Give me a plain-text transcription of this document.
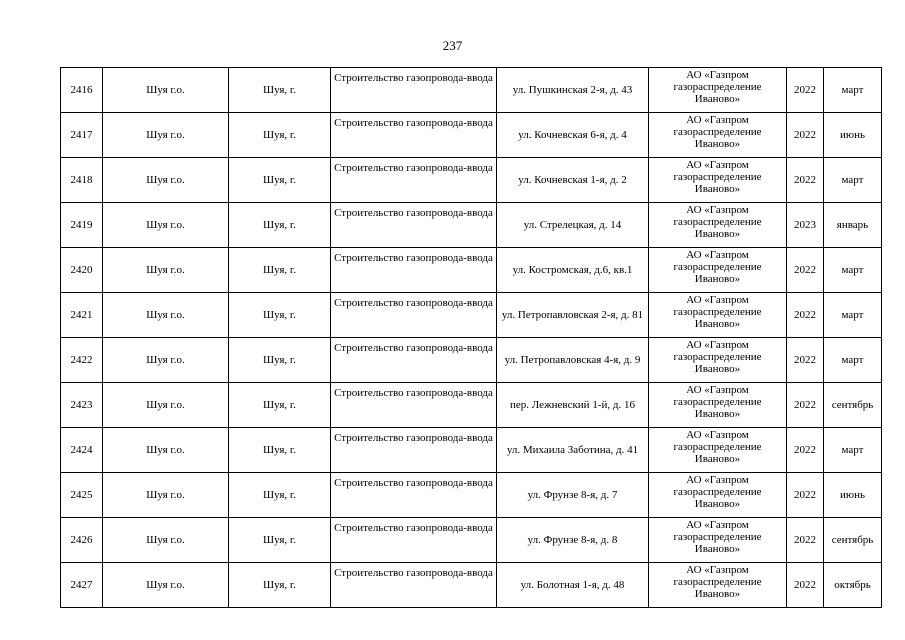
237
2416	Шуя г.о.	Шуя, г.	Строительство газопровода-ввода	ул. Пушкинская 2-я, д. 43	АО «Газпром газораспределение Иваново»	2022	март
2417	Шуя г.о.	Шуя, г.	Строительство газопровода-ввода	ул. Кочневская 6-я, д. 4	АО «Газпром газораспределение Иваново»	2022	июнь
2418	Шуя г.о.	Шуя, г.	Строительство газопровода-ввода	ул. Кочневская 1-я, д. 2	АО «Газпром газораспределение Иваново»	2022	март
2419	Шуя г.о.	Шуя, г.	Строительство газопровода-ввода	ул. Стрелецкая, д. 14	АО «Газпром газораспределение Иваново»	2023	январь
2420	Шуя г.о.	Шуя, г.	Строительство газопровода-ввода	ул. Костромская, д.6, кв.1	АО «Газпром газораспределение Иваново»	2022	март
2421	Шуя г.о.	Шуя, г.	Строительство газопровода-ввода	ул. Петропавловская 2-я, д. 81	АО «Газпром газораспределение Иваново»	2022	март
2422	Шуя г.о.	Шуя, г.	Строительство газопровода-ввода	ул. Петропавловская 4-я, д. 9	АО «Газпром газораспределение Иваново»	2022	март
2423	Шуя г.о.	Шуя, г.	Строительство газопровода-ввода	пер. Лежневский 1-й, д. 16	АО «Газпром газораспределение Иваново»	2022	сентябрь
2424	Шуя г.о.	Шуя, г.	Строительство газопровода-ввода	ул. Михаила Заботина, д. 41	АО «Газпром газораспределение Иваново»	2022	март
2425	Шуя г.о.	Шуя, г.	Строительство газопровода-ввода	ул. Фрунзе 8-я, д. 7	АО «Газпром газораспределение Иваново»	2022	июнь
2426	Шуя г.о.	Шуя, г.	Строительство газопровода-ввода	ул. Фрунзе 8-я, д. 8	АО «Газпром газораспределение Иваново»	2022	сентябрь
2427	Шуя г.о.	Шуя, г.	Строительство газопровода-ввода	ул. Болотная 1-я, д. 48	АО «Газпром газораспределение Иваново»	2022	октябрь
